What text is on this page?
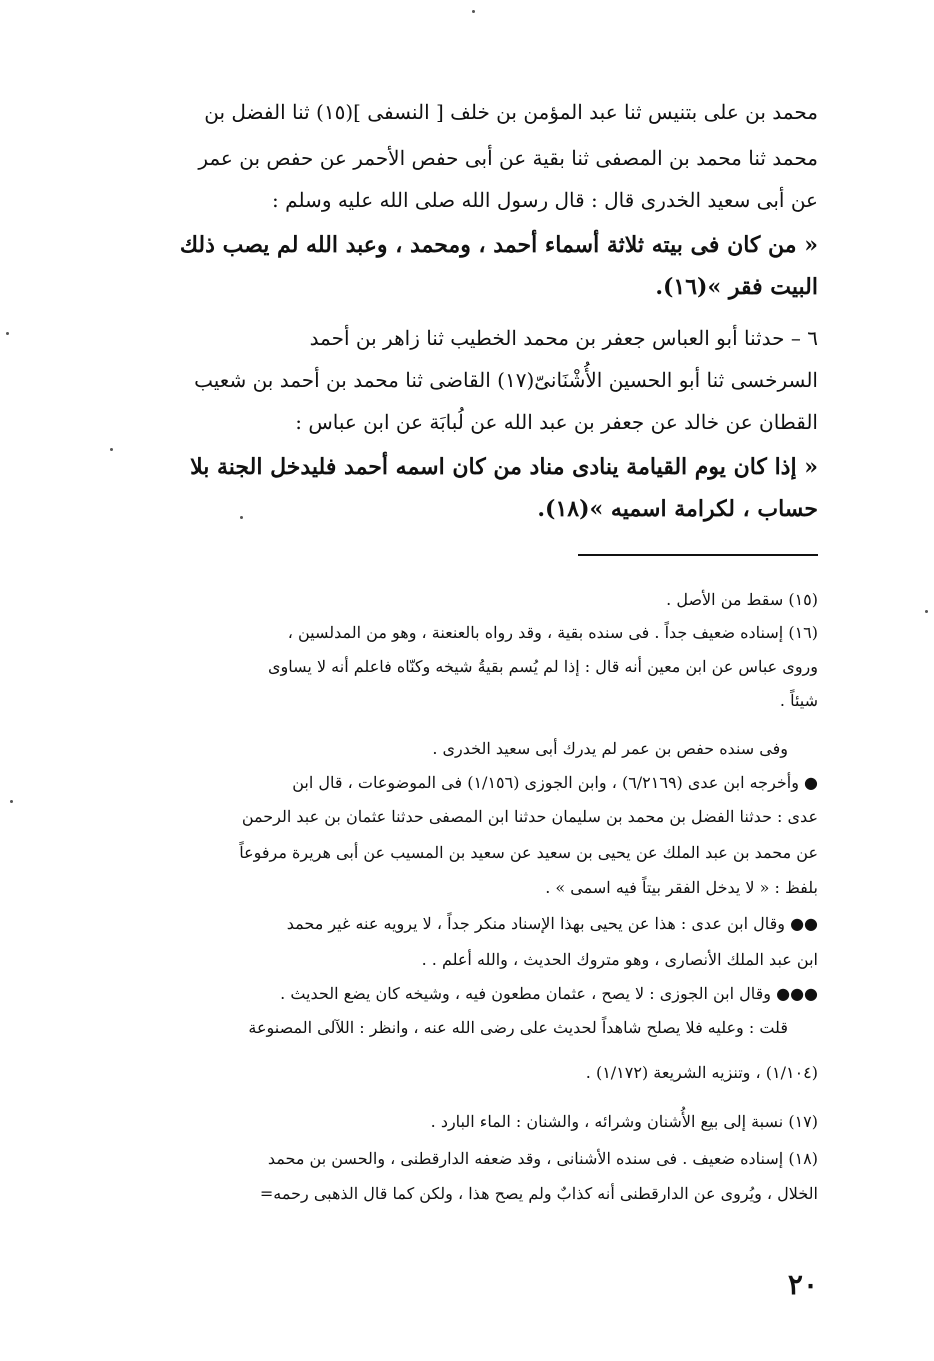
محمد بن على بتنيس ثنا عبد المؤمن بن خلف [ النسفى ](١٥) ثنا الفضل بن
محمد ثنا محمد بن المصفى ثنا بقية عن أبى حفص الأحمر عن حفص بن عمر
عن أبى سعيد الخدرى قال : قال رسول الله صلى الله عليه وسلم :
« من كان فى بيته ثلاثة أسماء أحمد ، ومحمد ، وعبد الله لم يصب ذلك
البيت فقر »(١٦).
٦ – حدثنا أبو العباس جعفر بن محمد الخطيب ثنا زاهر بن أحمد
السرخسى ثنا أبو الحسين الأُشْنَانىّ(١٧) القاضى ثنا محمد بن أحمد بن شعيب
القطان عن خالد عن جعفر بن عبد الله عن لُبابَة عن ابن عباس :
« إذا كان يوم القيامة ينادى مناد من كان اسمه أحمد فليدخل الجنة بلا
حساب ، لكرامة اسميه »(١٨).
(١٥) سقط من الأصل .
(١٦) إسناده ضعيف جداً . فى سنده بقية ، وقد رواه بالعنعنة ، وهو من المدلسين ،
وروى عباس عن ابن معين أنه قال : إذا لم يُسم بقيةُ شيخه وكنّاه فاعلم أنه لا يساوى
شيئاً .
وفى سنده حفص بن عمر لم يدرك أبى سعيد الخدرى .
● وأخرجه ابن عدى (٦/٢١٦٩) ، وابن الجوزى (١/١٥٦) فى الموضوعات ، قال ابن
عدى : حدثنا الفضل بن محمد بن سليمان حدثنا ابن المصفى حدثنا عثمان بن عبد الرحمن
عن محمد بن عبد الملك عن يحيى بن سعيد عن سعيد بن المسيب عن أبى هريرة مرفوعاً
بلفظ : « لا يدخل الفقر بيتاً فيه اسمى » .
●● وقال ابن عدى : هذا عن يحيى بهذا الإسناد منكر جداً ، لا يرويه عنه غير محمد
ابن عبد الملك الأنصارى ، وهو متروك الحديث ، والله أعلم . .
●●● وقال ابن الجوزى : لا يصح ، عثمان مطعون فيه ، وشيخه كان يضع الحديث .
قلت : وعليه فلا يصلح شاهداً لحديث على رضى الله عنه ، وانظر : اللآلى المصنوعة
(١/١٠٤) ، وتنزيه الشريعة (١/١٧٢) .
(١٧) نسبة إلى بيع الأُشنان وشرائه ، والشنان : الماء البارد .
(١٨) إسناده ضعيف . فى سنده الأشنانى ، وقد ضعفه الدارقطنى ، والحسن بن محمد
الخلال ، ويُروى عن الدارقطنى أنه كذابٌ ولم يصح هذا ، ولكن كما قال الذهبى رحمه=
٢٠
